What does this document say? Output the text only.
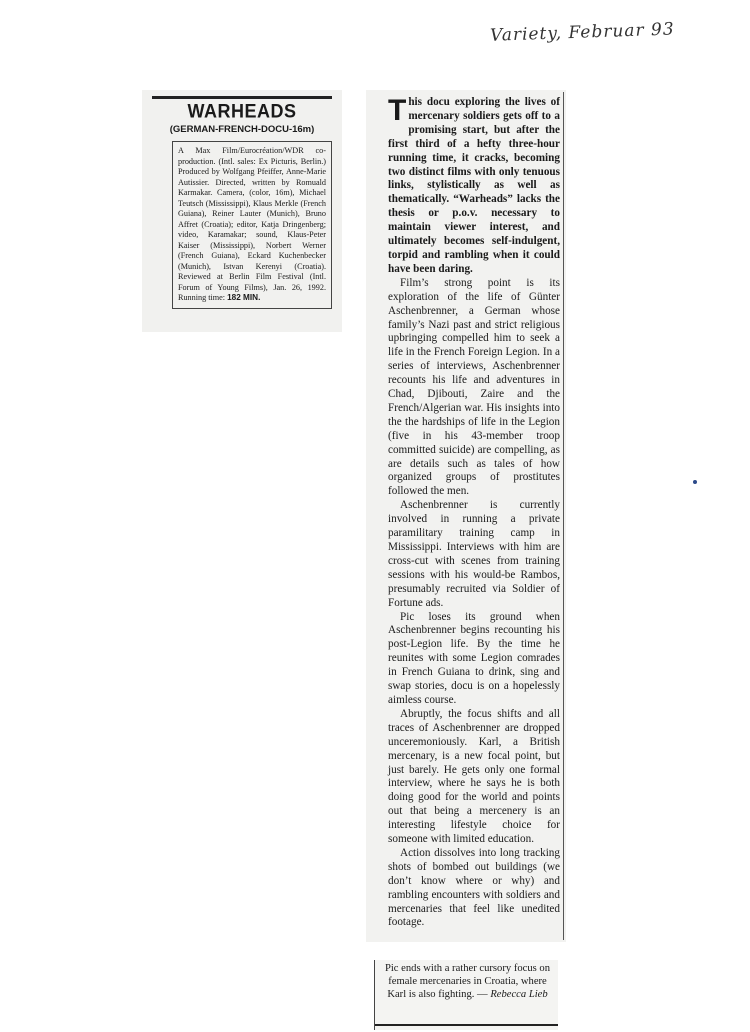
Variety, Februar 93
WARHEADS
(GERMAN-FRENCH-DOCU-16m)
A Max Film/Eurocréation/WDR co-production. (Intl. sales: Ex Picturis, Berlin.) Produced by Wolfgang Pfeiffer, Anne-Marie Autissier. Directed, written by Romuald Karmakar. Camera, (color, 16m), Michael Teutsch (Mississippi), Klaus Merkle (French Guiana), Reiner Lauter (Munich), Bruno Affret (Croatia); editor, Katja Dringenberg; video, Karamakar; sound, Klaus-Peter Kaiser (Mississippi), Norbert Werner (French Guiana), Eckard Kuchenbecker (Munich), Istvan Kerenyi (Croatia). Reviewed at Berlin Film Festival (Intl. Forum of Young Films), Jan. 26, 1992. Running time: 182 MIN.
T his docu exploring the lives of mercenary soldiers gets off to a promising start, but after the first third of a hefty three-hour running time, it cracks, becoming two distinct films with only tenuous links, stylistically as well as thematically. “Warheads” lacks the thesis or p.o.v. necessary to maintain viewer interest, and ultimately becomes self-indulgent, torpid and rambling when it could have been daring.

Film’s strong point is its exploration of the life of Günter Aschenbrenner, a German whose family’s Nazi past and strict religious upbringing compelled him to seek a life in the French Foreign Legion. In a series of interviews, Aschenbrenner recounts his life and adventures in Chad, Djibouti, Zaire and the French/Algerian war. His insights into the the hardships of life in the Legion (five in his 43-member troop committed suicide) are compelling, as are details such as tales of how organized groups of prostitutes followed the men.

Aschenbrenner is currently involved in running a private paramilitary training camp in Mississippi. Interviews with him are cross-cut with scenes from training sessions with his would-be Rambos, presumably recruited via Soldier of Fortune ads.

Pic loses its ground when Aschenbrenner begins recounting his post-Legion life. By the time he reunites with some Legion comrades in French Guiana to drink, sing and swap stories, docu is on a hopelessly aimless course.

Abruptly, the focus shifts and all traces of Aschenbrenner are dropped unceremoniously. Karl, a British mercenary, is a new focal point, but just barely. He gets only one formal interview, where he says he is both doing good for the world and points out that being a mercenery is an interesting lifestyle choice for someone with limited education.

Action dissolves into long tracking shots of bombed out buildings (we don’t know where or why) and rambling encounters with soldiers and mercenaries that feel like unedited footage.

Pic ends with a rather cursory focus on female mercenaries in Croatia, where Karl is also fighting. — Rebecca Lieb
